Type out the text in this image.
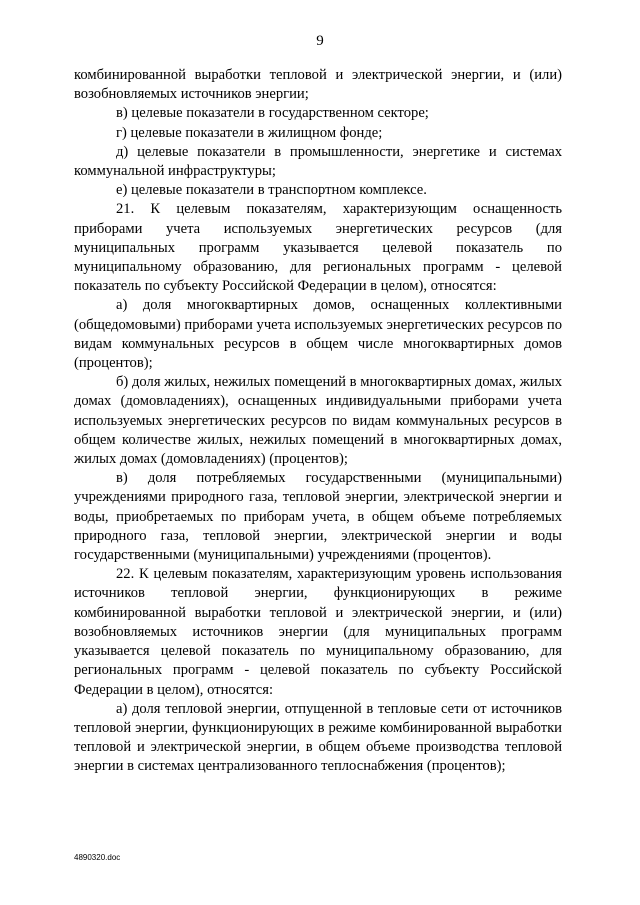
9

комбинированной выработки тепловой и электрической энергии, и (или) возобновляемых источников энергии;

в) целевые показатели в государственном секторе;

г) целевые показатели в жилищном фонде;

д) целевые показатели в промышленности, энергетике и системах коммунальной инфраструктуры;

е) целевые показатели в транспортном комплексе.

21. К целевым показателям, характеризующим оснащенность приборами учета используемых энергетических ресурсов (для муниципальных программ указывается целевой показатель по муниципальному образованию, для региональных программ - целевой показатель по субъекту Российской Федерации в целом), относятся:

а) доля многоквартирных домов, оснащенных коллективными (общедомовыми) приборами учета используемых энергетических ресурсов по видам коммунальных ресурсов в общем числе многоквартирных домов (процентов);

б) доля жилых, нежилых помещений в многоквартирных домах, жилых домах (домовладениях), оснащенных индивидуальными приборами учета используемых энергетических ресурсов по видам коммунальных ресурсов в общем количестве жилых, нежилых помещений в многоквартирных домах, жилых домах (домовладениях) (процентов);

в) доля потребляемых государственными (муниципальными) учреждениями природного газа, тепловой энергии, электрической энергии и воды, приобретаемых по приборам учета, в общем объеме потребляемых природного газа, тепловой энергии, электрической энергии и воды государственными (муниципальными) учреждениями (процентов).

22. К целевым показателям, характеризующим уровень использования источников тепловой энергии, функционирующих в режиме комбинированной выработки тепловой и электрической энергии, и (или) возобновляемых источников энергии (для муниципальных программ указывается целевой показатель по муниципальному образованию, для региональных программ - целевой показатель по субъекту Российской Федерации в целом), относятся:

а) доля тепловой энергии, отпущенной в тепловые сети от источников тепловой энергии, функционирующих в режиме комбинированной выработки тепловой и электрической энергии, в общем объеме производства тепловой энергии в системах централизованного теплоснабжения (процентов);

4890320.doc
